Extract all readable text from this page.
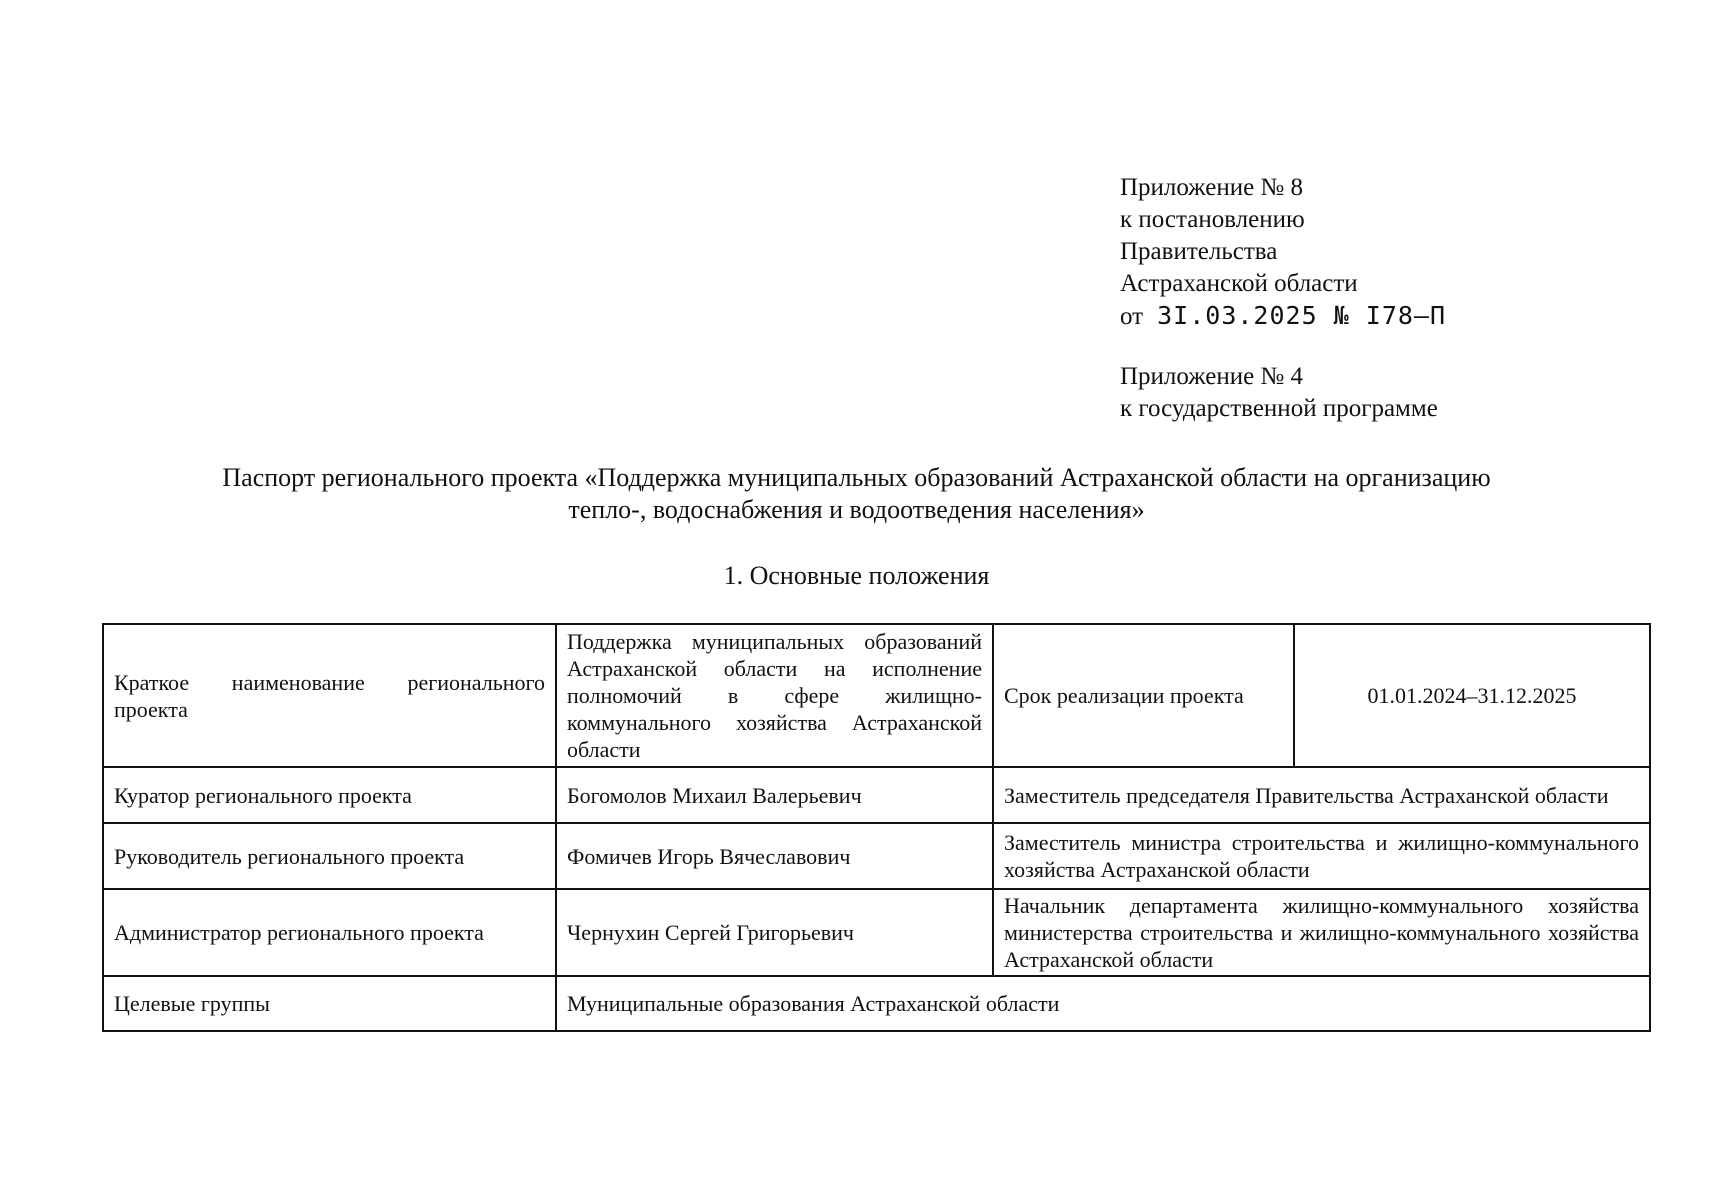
Приложение № 8
к постановлению
Правительства
Астраханской области
от 3I.03.2025 № I78–П
Приложение № 4
к государственной программе
Паспорт регионального проекта «Поддержка муниципальных образований Астраханской области на организацию
тепло-, водоснабжения и водоотведения населения»
1. Основные положения
Краткое наименование регионального проекта	Поддержка муниципальных образований Астраханской области на исполнение полномочий в сфере жилищно-коммунального хозяйства Астраханской области	Срок реализации проекта	01.01.2024–31.12.2025
Куратор регионального проекта	Богомолов Михаил Валерьевич	Заместитель председателя Правительства Астраханской области	
Руководитель регионального проекта	Фомичев Игорь Вячеславович	Заместитель министра строительства и жилищно-коммунального хозяйства Астраханской области	
Администратор регионального проекта	Чернухин Сергей Григорьевич	Начальник департамента жилищно-коммунального хозяйства министерства строительства и жилищно-коммунального хозяйства Астраханской области	
Целевые группы	Муниципальные образования Астраханской области		
